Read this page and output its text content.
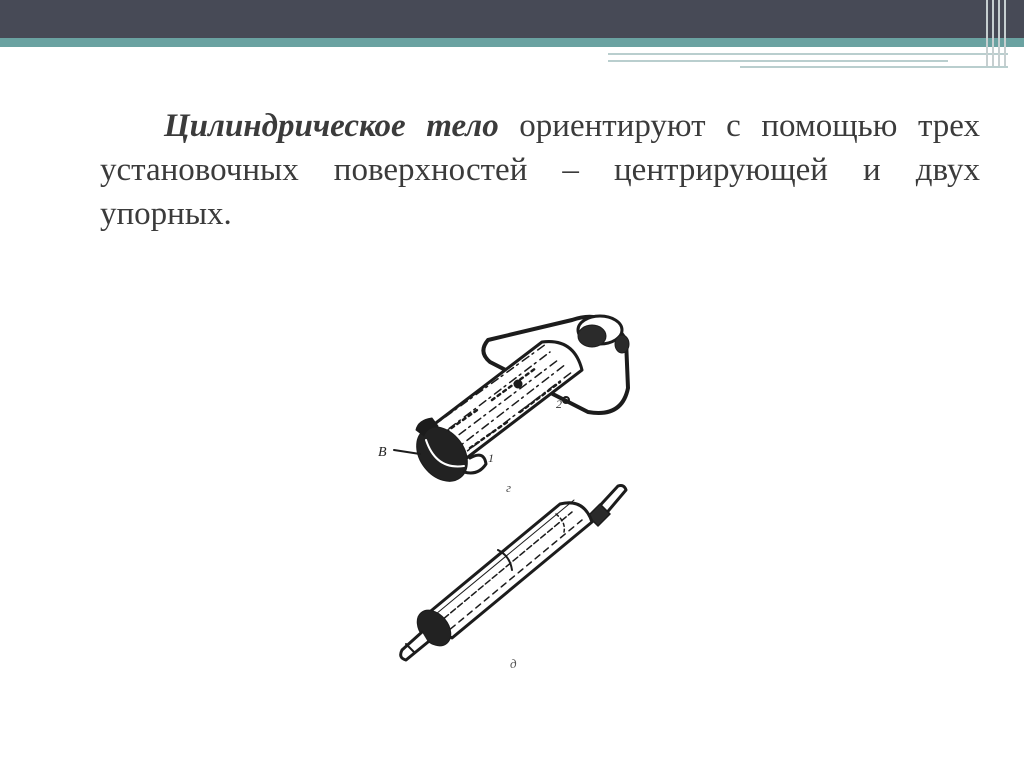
Цилиндрическое тело ориентируют с помощью трех установочных поверхностей – центрирующей и двух упорных.
B	1
2
г
д
